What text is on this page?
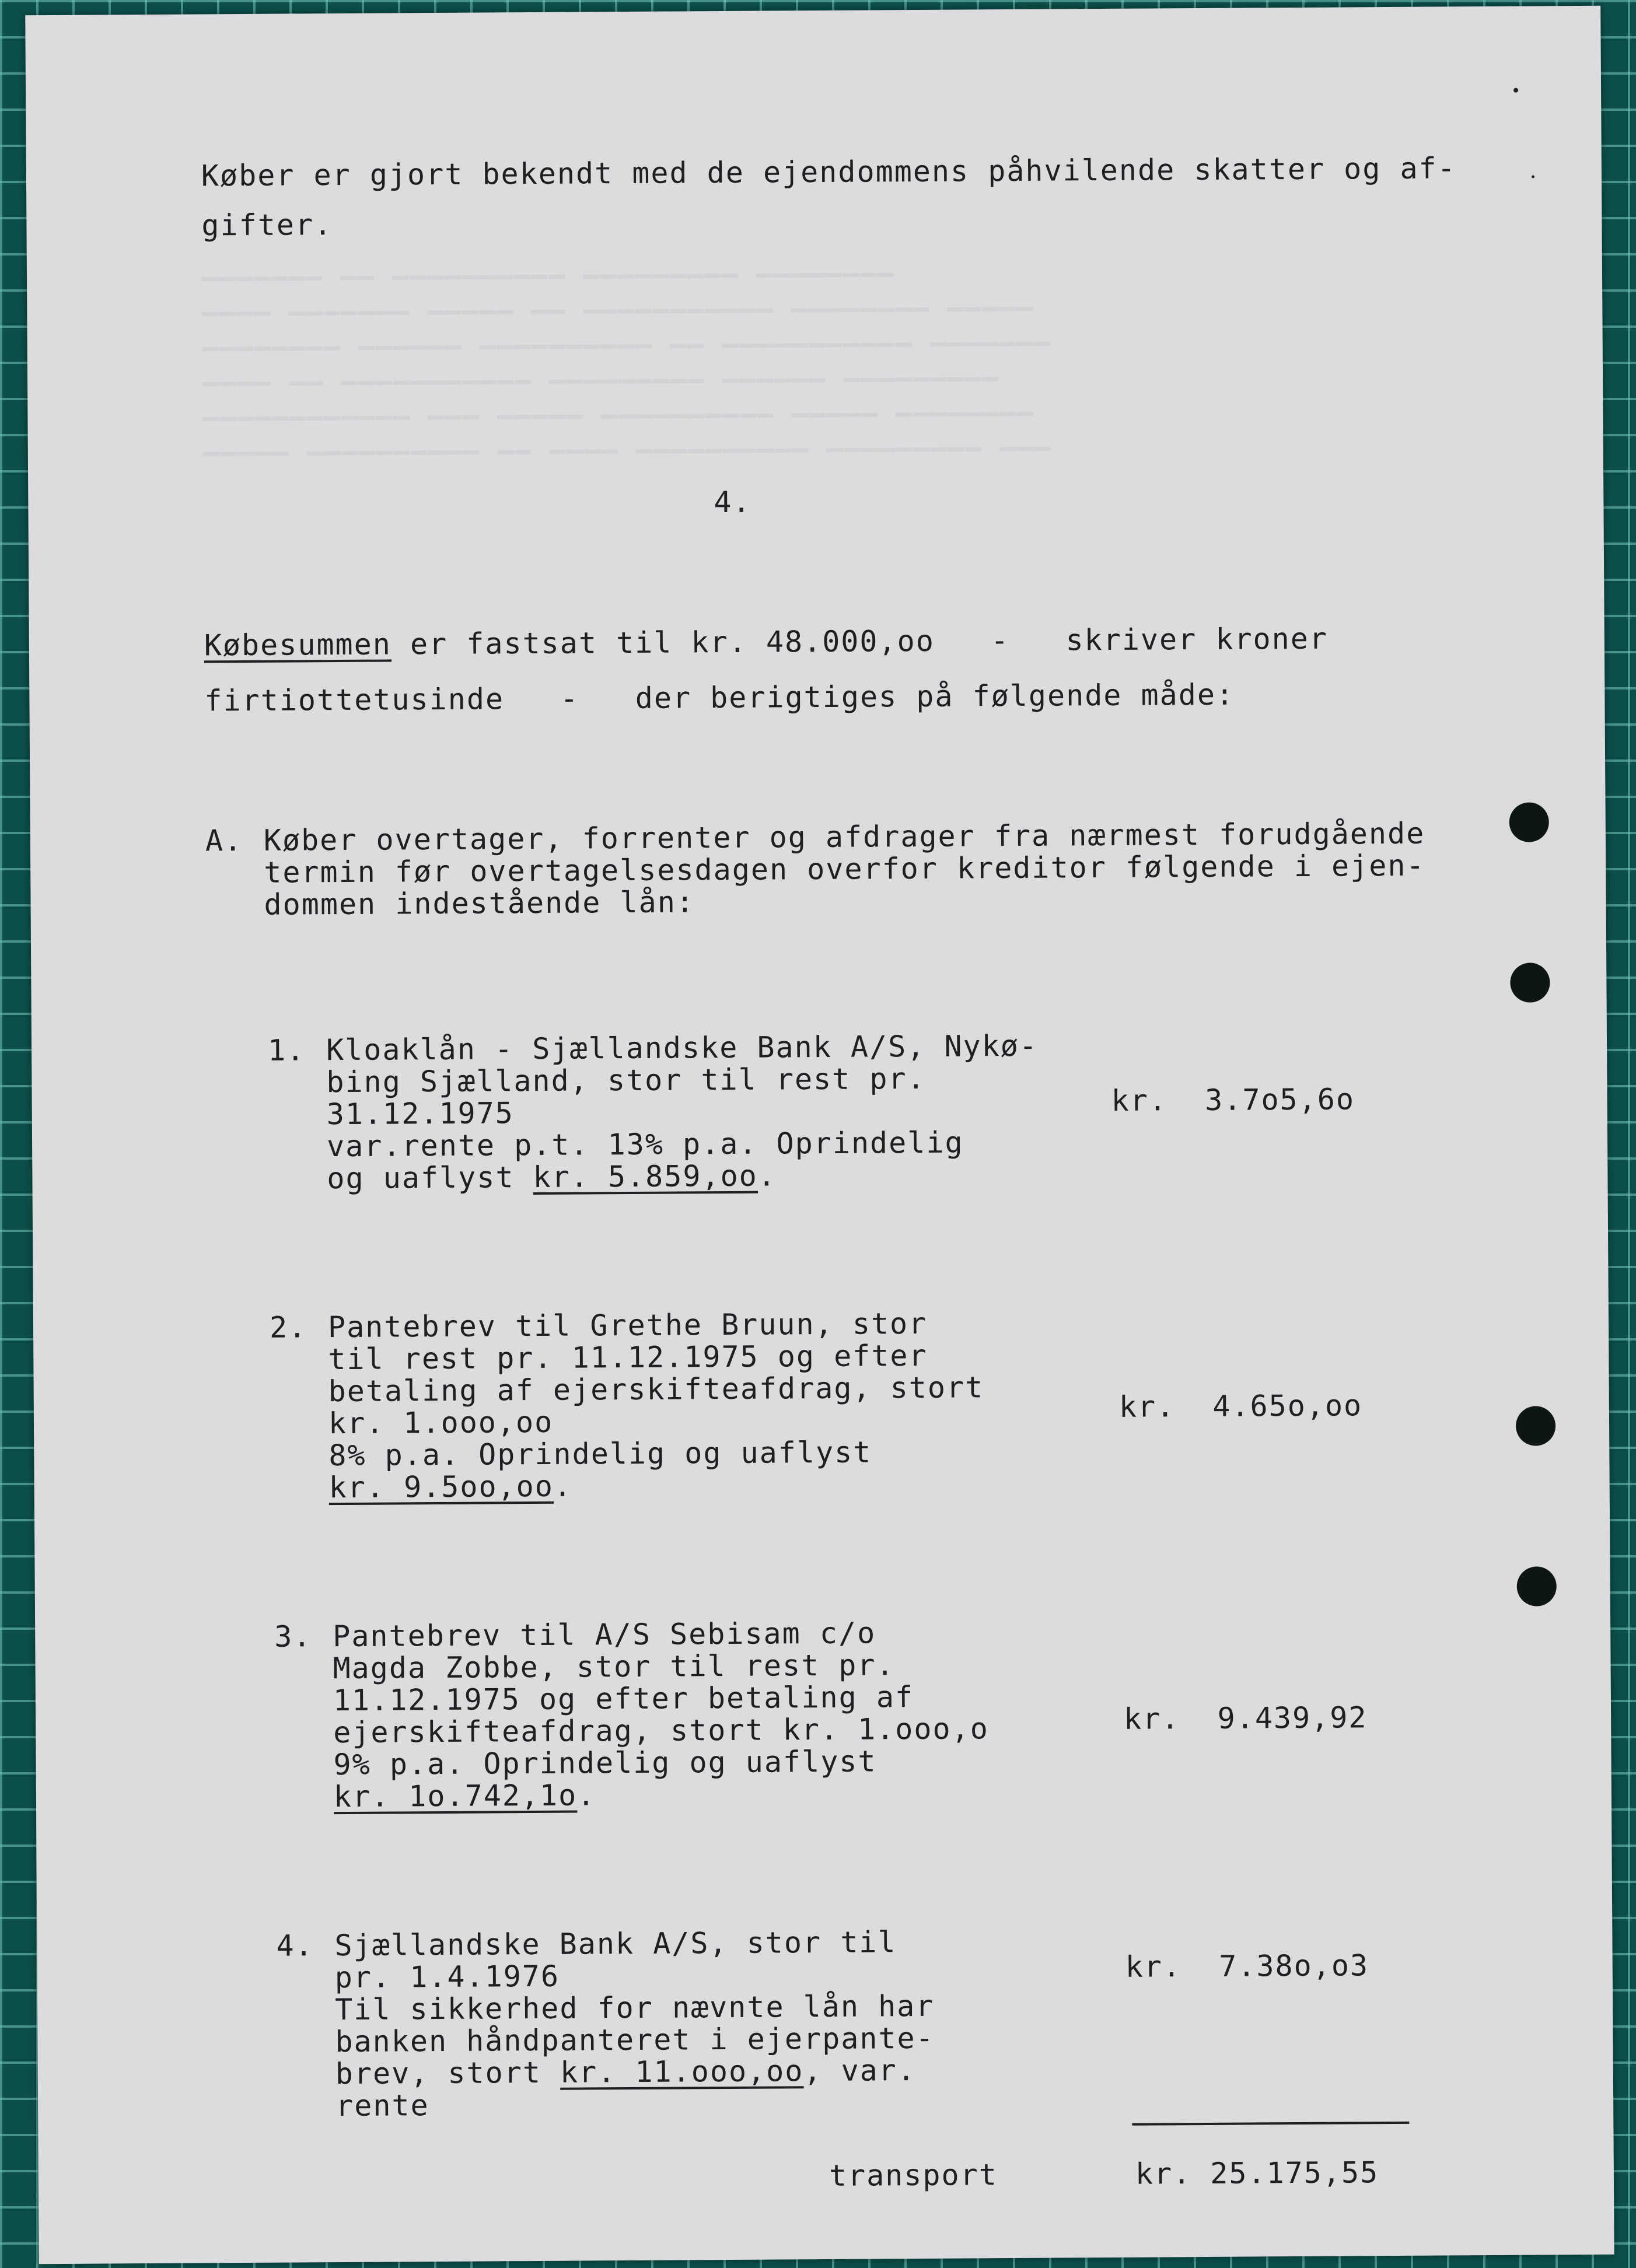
Køber er gjort bekendt med de ejendommens påhvilende skatter og af-

gifter.

4.

Købesummen er fastsat til kr. 48.000,oo   -   skriver kroner

firtiottetusinde   -   der berigtiges på følgende måde:

A. Køber overtager, forrenter og afdrager fra nærmest forudgående

termin før overtagelsesdagen overfor kreditor følgende i ejen-

dommen indestående lån:

1. Kloaklån - Sjællandske Bank A/S, Nykø-

bing Sjælland, stor til rest pr.

31.12.1975

var.rente p.t. 13% p.a. Oprindelig

og uaflyst kr. 5.859,oo.

kr.  3.7o5,6o

2. Pantebrev til Grethe Bruun, stor

til rest pr. 11.12.1975 og efter

betaling af ejerskifteafdrag, stort

kr. 1.ooo,oo

8% p.a. Oprindelig og uaflyst

kr. 9.5oo,oo.

kr.  4.65o,oo

3. Pantebrev til A/S Sebisam c/o

Magda Zobbe, stor til rest pr.

11.12.1975 og efter betaling af

ejerskifteafdrag, stort kr. 1.ooo,o

9% p.a. Oprindelig og uaflyst

kr. 1o.742,1o.

kr.  9.439,92

4. Sjællandske Bank A/S, stor til

pr. 1.4.1976

Til sikkerhed for nævnte lån har

banken håndpanteret i ejerpante-

brev, stort kr. 11.ooo,oo, var.

rente

kr.  7.38o,o3

transport	kr. 25.175,55
